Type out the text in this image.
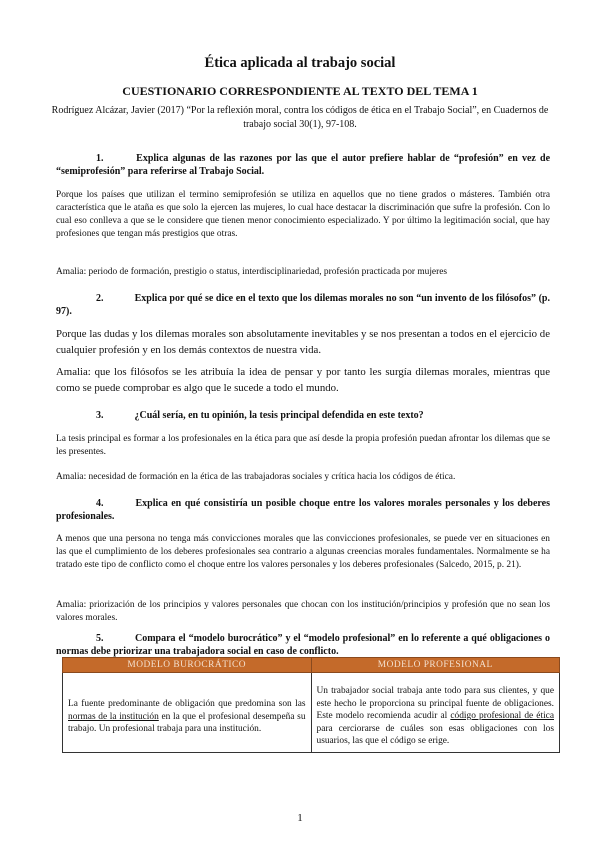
Ética aplicada al trabajo social
CUESTIONARIO CORRESPONDIENTE AL TEXTO DEL TEMA 1
Rodríguez Alcázar, Javier (2017) “Por la reflexión moral, contra los códigos de ética en el Trabajo Social”, en Cuadernos de trabajo social 30(1), 97-108.
1.	Explica algunas de las razones por las que el autor prefiere hablar de “profesión” en vez de “semiprofesión” para referirse al Trabajo Social.
Porque los países que utilizan el termino semiprofesión se utiliza en aquellos que no tiene grados o másteres. También otra característica que le ataña es que solo la ejercen las mujeres, lo cual hace destacar la discriminación que sufre la profesión. Con lo cual eso conlleva a que se le considere que tienen menor conocimiento especializado. Y por último la legitimación social, que hay profesiones que tengan más prestigios que otras.
Amalia: periodo de formación, prestigio o status, interdisciplinariedad, profesión practicada por mujeres
2.	Explica por qué se dice en el texto que los dilemas morales no son “un invento de los filósofos” (p. 97).
Porque las dudas y los dilemas morales son absolutamente inevitables y se nos presentan a todos en el ejercicio de cualquier profesión y en los demás contextos de nuestra vida.
Amalia: que los filósofos se les atribuía la idea de pensar y por tanto les surgía dilemas morales, mientras que como se puede comprobar es algo que le sucede a todo el mundo.
3.	¿Cuál sería, en tu opinión, la tesis principal defendida en este texto?
La tesis principal es formar a los profesionales en la ética para que así desde la propia profesión puedan afrontar los dilemas que se les presentes.
Amalia: necesidad de formación en la ética de las trabajadoras sociales y crítica hacia los códigos de ética.
4.	Explica en qué consistiría un posible choque entre los valores morales personales y los deberes profesionales.
A menos que una persona no tenga más convicciones morales que las convicciones profesionales, se puede ver en situaciones en las que el cumplimiento de los deberes profesionales sea contrario a algunas creencias morales fundamentales. Normalmente se ha tratado este tipo de conflicto como el choque entre los valores personales y los deberes profesionales (Salcedo, 2015, p. 21).
Amalia: priorización de los principios y valores personales que chocan con los institución/principios y profesión que no sean los valores morales.
5.	Compara el “modelo burocrático” y el “modelo profesional” en lo referente a qué obligaciones o normas debe priorizar una trabajadora social en caso de conflicto.
MODELO BUROCRÁTICO	MODELO PROFESIONAL
La fuente predominante de obligación que predomina son las normas de la institución en la que el profesional desempeña su trabajo. Un profesional trabaja para una institución.	Un trabajador social trabaja ante todo para sus clientes, y que este hecho le proporciona su principal fuente de obligaciones. Este modelo recomienda acudir al código profesional de ética para cerciorarse de cuáles son esas obligaciones con los usuarios, las que el código se erige.
1
